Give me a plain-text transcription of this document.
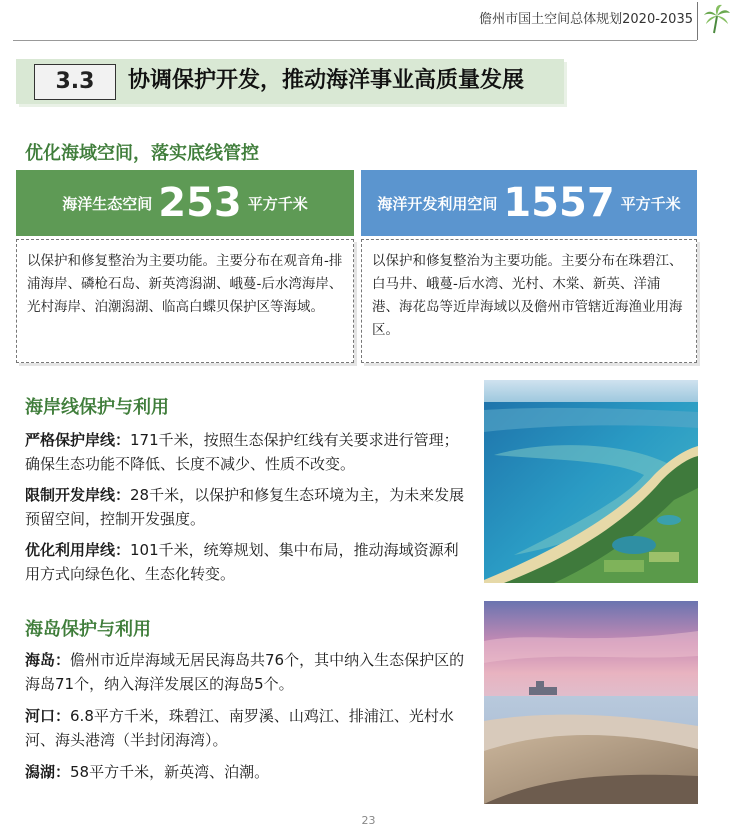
儋州市国土空间总体规划2020-2035
3.3	协调保护开发，推动海洋事业高质量发展
优化海域空间，落实底线管控
海洋生态空间 253 平方千米	海洋开发利用空间 1557 平方千米
以保护和修复整治为主要功能。主要分布在观音角-排浦海岸、磷枪石岛、新英湾潟湖、峨蔓-后水湾海岸、光村海岸、泊潮潟湖、临高白蝶贝保护区等海域。
以保护和修复整治为主要功能。主要分布在珠碧江、白马井、峨蔓-后水湾、光村、木棠、新英、洋浦港、海花岛等近岸海域以及儋州市管辖近海渔业用海区。
海岸线保护与利用
严格保护岸线：171千米，按照生态保护红线有关要求进行管理；确保生态功能不降低、长度不减少、性质不改变。
限制开发岸线：28千米，以保护和修复生态环境为主，为未来发展预留空间，控制开发强度。
优化利用岸线：101千米，统筹规划、集中布局，推动海域资源利用方式向绿色化、生态化转变。
海岛保护与利用
海岛：儋州市近岸海域无居民海岛共76个，其中纳入生态保护区的海岛71个，纳入海洋发展区的海岛5个。
河口：6.8平方千米，珠碧江、南罗溪、山鸡江、排浦江、光村水河、海头港湾（半封闭海湾）。
潟湖：58平方千米，新英湾、泊潮。
23
